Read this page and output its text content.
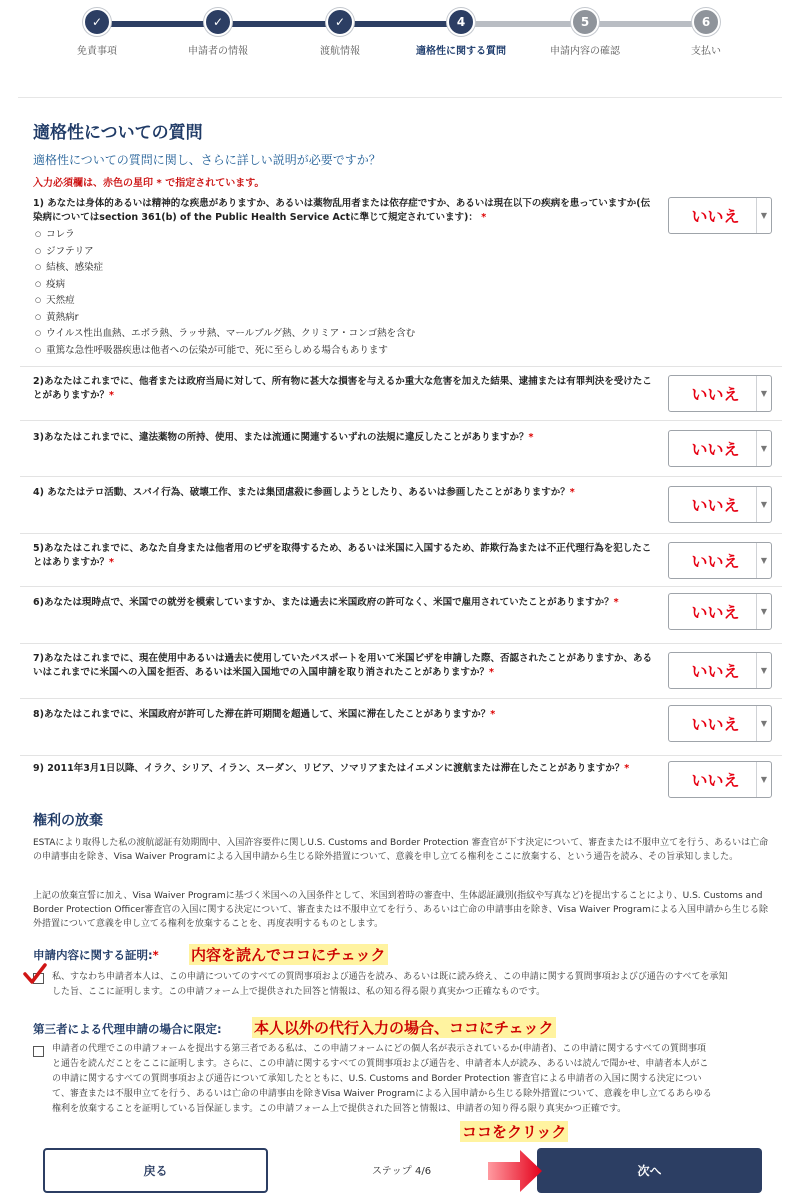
✓
免責事項
✓
申請者の情報
✓
渡航情報
4
適格性に関する質問
5
申請内容の確認
6
支払い
適格性についての質問
適格性についての質問に関し、さらに詳しい説明が必要ですか？
入力必須欄は、赤色の星印 * で指定されています。
1) あなたは身体的あるいは精神的な疾患がありますか、あるいは薬物乱用者または依存症ですか、あるいは現在以下の疾病を患っていますか(伝染病についてはsection 361(b) of the Public Health Service Actに準じて規定されています)： *
○ コレラ
○ ジフテリア
○ 結核、感染症
○ 疫病
○ 天然痘
○ 黄熱病r
○ ウイルス性出血熱、エボラ熱、ラッサ熱、マールブルグ熱、クリミア・コンゴ熱を含む
○ 重篤な急性呼吸器疾患は他者への伝染が可能で、死に至らしめる場合もあります
いいえ	▼
2)あなたはこれまでに、他者または政府当局に対して、所有物に甚大な損害を与えるか重大な危害を加えた結果、逮捕または有罪判決を受けたことがありますか？*	いいえ	▼
3)あなたはこれまでに、違法薬物の所持、使用、または流通に関連するいずれの法規に違反したことがありますか？*
いいえ	▼
4) あなたはテロ活動、スパイ行為、破壊工作、または集団虐殺に参画しようとしたり、あるいは参画したことがありますか？*
いいえ	▼
5)あなたはこれまでに、あなた自身または他者用のビザを取得するため、あるいは米国に入国するため、詐欺行為または不正代理行為を犯したことはありますか？*	いいえ	▼
6)あなたは現時点で、米国での就労を模索していますか、または過去に米国政府の許可なく、米国で雇用されていたことがありますか？*
いいえ	▼
7)あなたはこれまでに、現在使用中あるいは過去に使用していたパスポートを用いて米国ビザを申請した際、否認されたことがありますか、あるいはこれまでに米国への入国を拒否、あるいは米国入国地での入国申請を取り消されたことがありますか？*	いいえ	▼
8)あなたはこれまでに、米国政府が許可した滞在許可期間を超過して、米国に滞在したことがありますか？*
いいえ	▼
9) 2011年3月1日以降、イラク、シリア、イラン、スーダン、リビア、ソマリアまたはイエメンに渡航または滞在したことがありますか？*
いいえ	▼
権利の放棄
ESTAにより取得した私の渡航認証有効期間中、入国許容要件に関しU.S. Customs and Border Protection 審査官が下す決定について、審査または不服申立てを行う、あるいは亡命の申請事由を除き、Visa Waiver Programによる入国申請から生じる除外措置について、意義を申し立てる権利をここに放棄する、という通告を読み、その旨承知しました。
上記の放棄宣誓に加え、Visa Waiver Programに基づく米国への入国条件として、米国到着時の審査中、生体認証識別(指紋や写真など)を提出することにより、U.S. Customs and Border Protection Officer審査官の入国に関する決定について、審査または不服申立てを行う、あるいは亡命の申請事由を除き、Visa Waiver Programによる入国申請から生じる除外措置について意義を申し立てる権利を放棄することを、再度表明するものとします。
申請内容に関する証明:* 内容を読んでココにチェック
私、すなわち申請者本人は、この申請についてのすべての質問事項および通告を読み、あるいは既に読み終え、この申請に関する質問事項およびび通告のすべてを承知した旨、ここに証明します。この申請フォーム上で提供された回答と情報は、私の知る得る限り真実かつ正確なものです。
第三者による代理申請の場合に限定: 本人以外の代行入力の場合、ココにチェック
申請者の代理でこの申請フォームを提出する第三者である私は、この申請フォームにどの個人名が表示されているか(申請者)、この申請に関するすべての質問事項と通告を読んだことをここに証明します。さらに、この申請に関するすべての質問事項および通告を、申請者本人が読み、あるいは読んで聞かせ、申請者本人がこの申請に関するすべての質問事項および通告について承知したとともに、U.S. Customs and Border Protection 審査官による申請者の入国に関する決定について、審査または不服申立てを行う、あるいは亡命の申請事由を除きVisa Waiver Programによる入国申請から生じる除外措置について、意義を申し立てるあらゆる権利を放棄することを証明している旨保証します。この申請フォーム上で提供された回答と情報は、申請者の知り得る限り真実かつ正確です。
ココをクリック
戻る	ステップ 4/6	次へ
